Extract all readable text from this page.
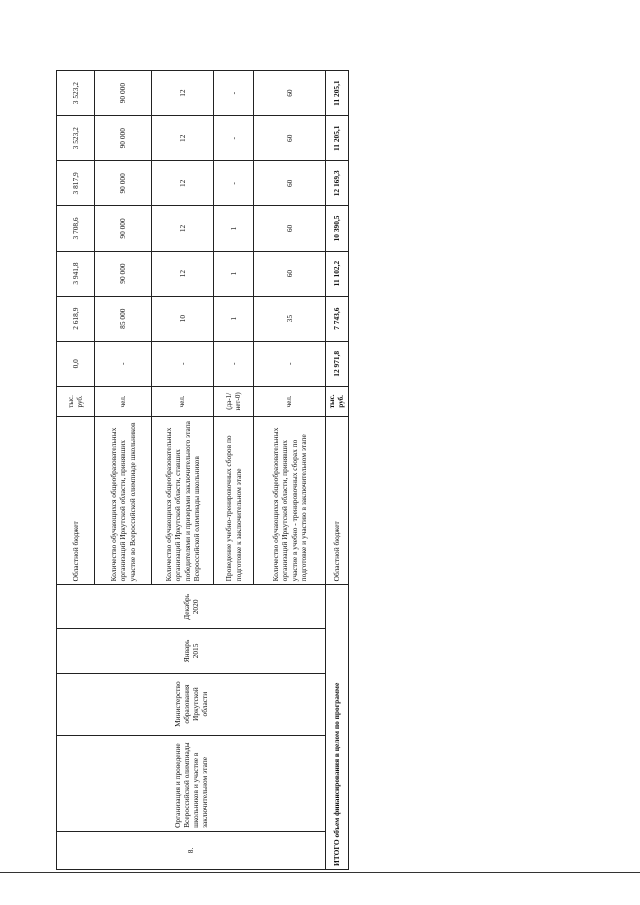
8.	Организация и проведение Всероссийской олимпиады школьников и участие в заключительном этапе	Министерство образования Иркутской области	Январь 2015	Декабрь 2020	Областной бюджет	тыс. руб.	0,0	2 618,9	3 941,8	3 708,6	3 817,9	3 523,2	3 523,2
					Количество обучающихся общеобразовательных организаций Иркутской области, принявших участие во Всероссийской олимпиаде школьников	чел.	-	85 000	90 000	90 000	90 000	90 000	90 000
					Количество обучающихся общеобразовательных организаций Иркутской области, ставших победителями и призерами заключительного этапа Всероссийской олимпиады школьников	чел.	-	10	12	12	12	12	12
					Проведение учебно-тренировочных сборов по подготовке к заключительном этапе	(да-1/ нет-0)	-	1	1	1	-	-	-
					Количество обучающихся общеобразовательных организаций Иркутской области, принявших участие в учебно - тренировочных сборах по подготовке и участию в заключительном этапе	чел.	-	35	60	60	60	60	60
ИТОГО объем финансирования в целом по программе					Областной бюджет	тыс. руб.	12 971,8	7 743,6	11 102,2	10 390,5	12 169,3	11 205,1	11 205,1
